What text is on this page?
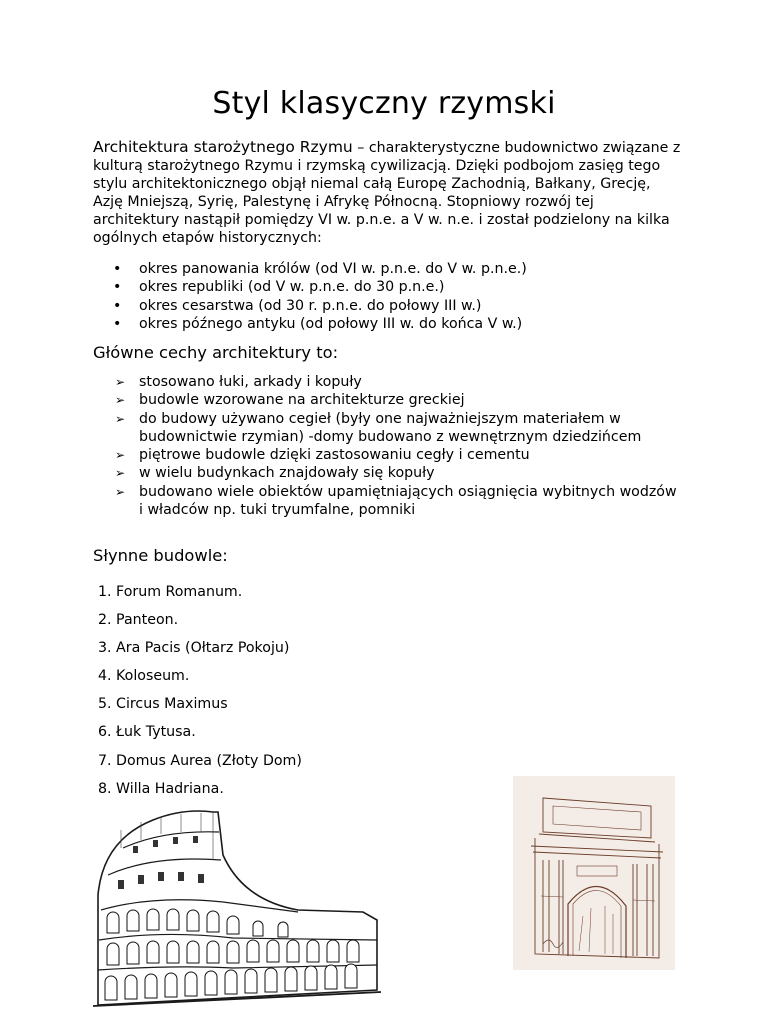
Styl klasyczny rzymski

Architektura starożytnego Rzymu – charakterystyczne budownictwo związane z kulturą starożytnego Rzymu i rzymską cywilizacją. Dzięki podbojom zasięg tego stylu architektonicznego objął niemal całą Europę Zachodnią, Bałkany, Grecję, Azję Mniejszą, Syrię, Palestynę i Afrykę Północną. Stopniowy rozwój tej architektury nastąpił pomiędzy VI w. p.n.e. a V w. n.e. i został podzielony na kilka ogólnych etapów historycznych:

• okres panowania królów (od VI w. p.n.e. do V w. p.n.e.)
• okres republiki (od V w. p.n.e. do 30 p.n.e.)
• okres cesarstwa (od 30 r. p.n.e. do połowy III w.)
• okres późnego antyku (od połowy III w. do końca V w.)
Główne cechy architektury to:
➢ stosowano łuki, arkady i kopuły
➢ budowle wzorowane na architekturze greckiej
➢ do budowy używano cegieł (były one najważniejszym materiałem w budownictwie rzymian) -domy budowano z wewnętrznym dziedzińcem
➢ piętrowe budowle dzięki zastosowaniu cegły i cementu
➢ w wielu budynkach znajdowały się kopuły
➢ budowano wiele obiektów upamiętniających osiągnięcia wybitnych wodzów i władców np. tuki tryumfalne, pomniki
Słynne budowle:
1. Forum Romanum.
2. Panteon.
3. Ara Pacis (Ołtarz Pokoju)
4. Koloseum.
5. Circus Maximus
6. Łuk Tytusa.
7. Domus Aurea (Złoty Dom)
8. Willa Hadriana.
